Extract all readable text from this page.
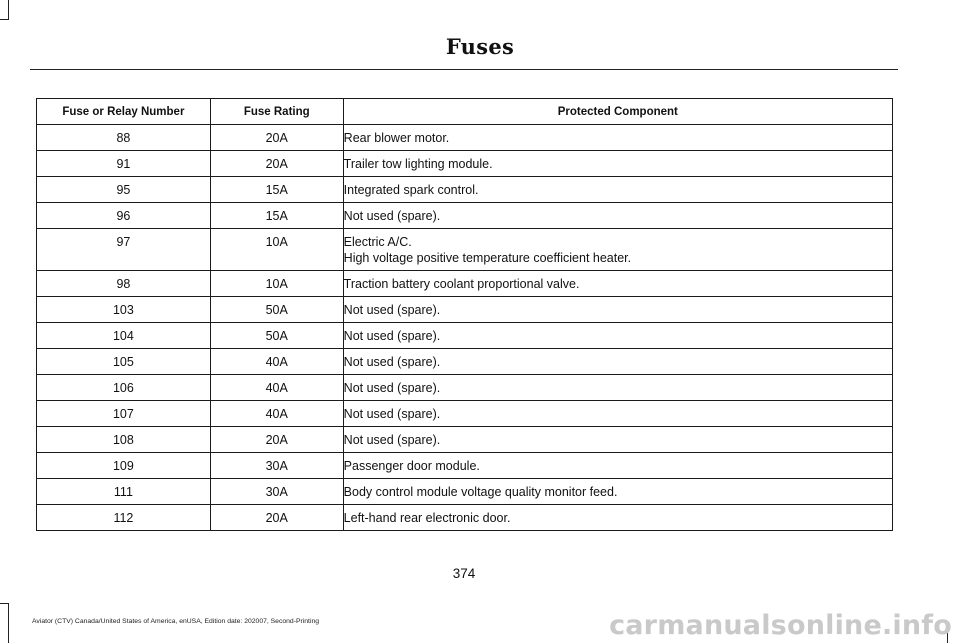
Fuses
Fuse or Relay Number	Fuse Rating	Protected Component
88	20A	Rear blower motor.

91	20A	Trailer tow lighting module.

95	15A	Integrated spark control.

96	15A	Not used (spare).

97	10A	Electric A/C.
High voltage positive temperature coefficient heater.

98	10A	Traction battery coolant proportional valve.

103	50A	Not used (spare).

104	50A	Not used (spare).

105	40A	Not used (spare).

106	40A	Not used (spare).

107	40A	Not used (spare).

108	20A	Not used (spare).

109	30A	Passenger door module.

111	30A	Body control module voltage quality monitor feed.

112	20A	Left-hand rear electronic door.
374
Aviator (CTV) Canada/United States of America, enUSA, Edition date: 202007, Second-Printing	carmanualsonline.info
